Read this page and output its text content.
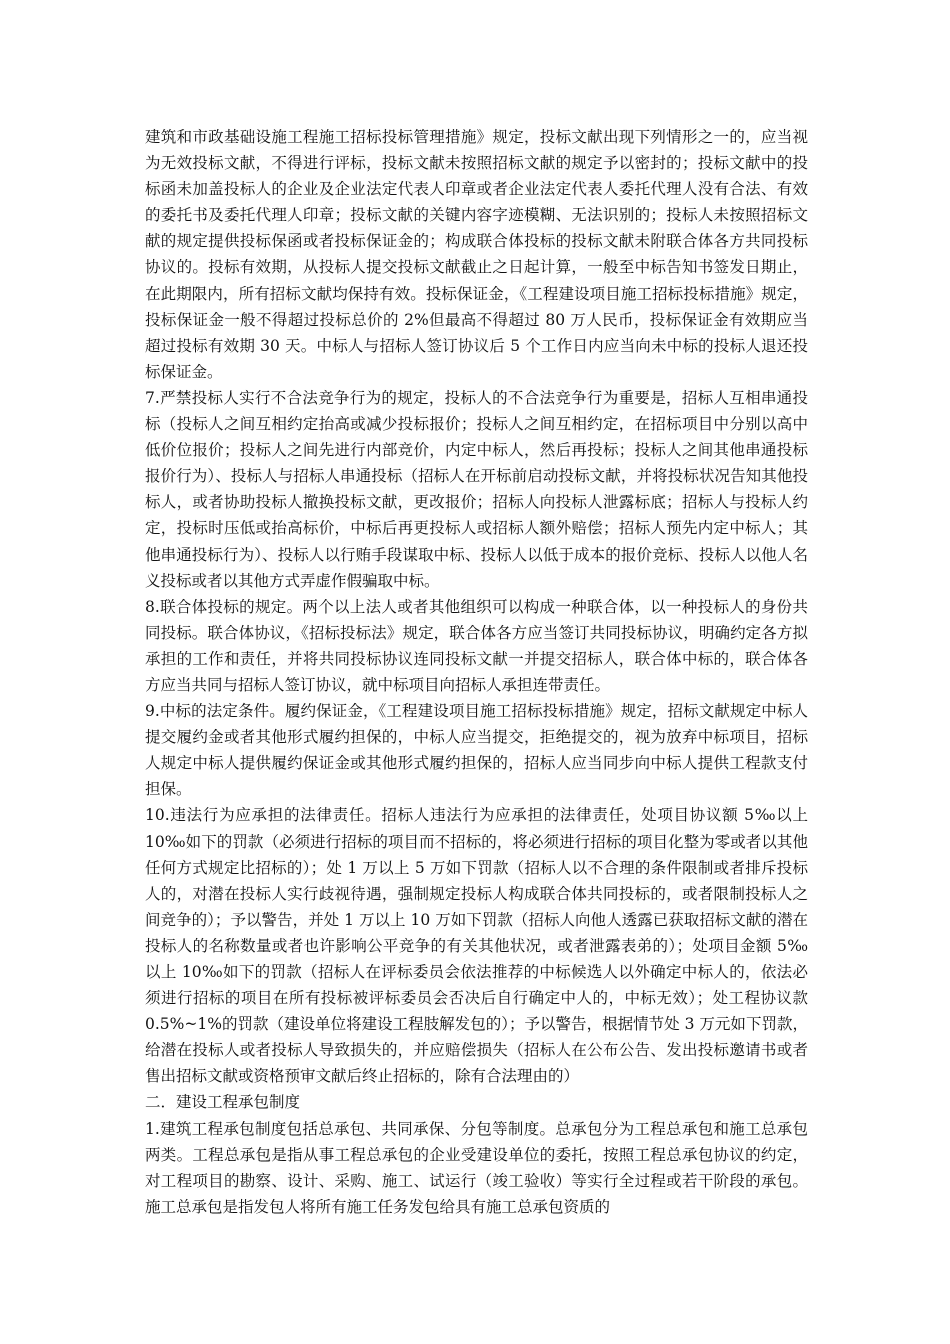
建筑和市政基础设施工程施工招标投标管理措施》规定，投标文献出现下列情形之一的，应当视为无效投标文献，不得进行评标，投标文献未按照招标文献的规定予以密封的；投标文献中的投标函未加盖投标人的企业及企业法定代表人印章或者企业法定代表人委托代理人没有合法、有效的委托书及委托代理人印章；投标文献的关键内容字迹模糊、无法识别的；投标人未按照招标文献的规定提供投标保函或者投标保证金的；构成联合体投标的投标文献未附联合体各方共同投标协议的。投标有效期，从投标人提交投标文献截止之日起计算，一般至中标告知书签发日期止，在此期限内，所有招标文献均保持有效。投标保证金，《工程建设项目施工招标投标措施》规定，投标保证金一般不得超过投标总价的 2%但最高不得超过 80 万人民币，投标保证金有效期应当超过投标有效期 30 天。中标人与招标人签订协议后 5 个工作日内应当向未中标的投标人退还投标保证金。

7.严禁投标人实行不合法竞争行为的规定，投标人的不合法竞争行为重要是，招标人互相串通投标（投标人之间互相约定抬高或减少投标报价；投标人之间互相约定，在招标项目中分别以高中低价位报价；投标人之间先进行内部竞价，内定中标人，然后再投标；投标人之间其他串通投标报价行为）、投标人与招标人串通投标（招标人在开标前启动投标文献，并将投标状况告知其他投标人，或者协助投标人撤换投标文献，更改报价；招标人向投标人泄露标底；招标人与投标人约定，投标时压低或抬高标价，中标后再更投标人或招标人额外赔偿；招标人预先内定中标人；其他串通投标行为）、投标人以行贿手段谋取中标、投标人以低于成本的报价竞标、投标人以他人名义投标或者以其他方式弄虚作假骗取中标。

8.联合体投标的规定。两个以上法人或者其他组织可以构成一种联合体，以一种投标人的身份共同投标。联合体协议，《招标投标法》规定，联合体各方应当签订共同投标协议，明确约定各方拟承担的工作和责任，并将共同投标协议连同投标文献一并提交招标人，联合体中标的，联合体各方应当共同与招标人签订协议，就中标项目向招标人承担连带责任。

9.中标的法定条件。履约保证金，《工程建设项目施工招标投标措施》规定，招标文献规定中标人提交履约金或者其他形式履约担保的，中标人应当提交，拒绝提交的，视为放弃中标项目，招标人规定中标人提供履约保证金或其他形式履约担保的，招标人应当同步向中标人提供工程款支付担保。

10.违法行为应承担的法律责任。招标人违法行为应承担的法律责任，处项目协议额 5‰以上 10‰如下的罚款（必须进行招标的项目而不招标的，将必须进行招标的项目化整为零或者以其他任何方式规定比招标的）；处 1 万以上 5 万如下罚款（招标人以不合理的条件限制或者排斥投标人的，对潜在投标人实行歧视待遇，强制规定投标人构成联合体共同投标的，或者限制投标人之间竞争的）；予以警告，并处 1 万以上 10 万如下罚款（招标人向他人透露已获取招标文献的潜在投标人的名称数量或者也许影响公平竞争的有关其他状况，或者泄露表弟的）；处项目金额 5‰以上 10‰如下的罚款（招标人在评标委员会依法推荐的中标候选人以外确定中标人的，依法必须进行招标的项目在所有投标被评标委员会否决后自行确定中人的，中标无效）；处工程协议款 0.5%~1%的罚款（建设单位将建设工程肢解发包的）；予以警告，根据情节处 3 万元如下罚款，给潜在投标人或者投标人导致损失的，并应赔偿损失（招标人在公布公告、发出投标邀请书或者售出招标文献或资格预审文献后终止招标的，除有合法理由的）

二．建设工程承包制度

1.建筑工程承包制度包括总承包、共同承保、分包等制度。总承包分为工程总承包和施工总承包两类。工程总承包是指从事工程总承包的企业受建设单位的委托，按照工程总承包协议的约定，对工程项目的勘察、设计、采购、施工、试运行（竣工验收）等实行全过程或若干阶段的承包。施工总承包是指发包人将所有施工任务发包给具有施工总承包资质的
